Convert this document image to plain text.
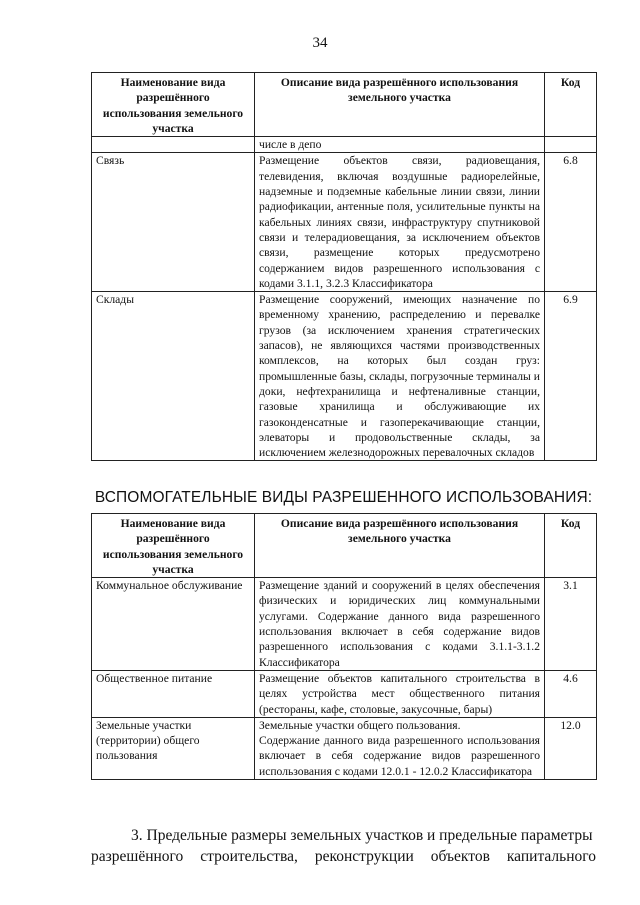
34
Наименование вида разрешённого использования земельного участка	Описание вида разрешённого использования земельного участка	Код
	числе в депо	
Связь	Размещение объектов связи, радиовещания, телевидения, включая воздушные радиорелейные, надземные и подземные кабельные линии связи, линии радиофикации, антенные поля, усилительные пункты на кабельных линиях связи, инфраструктуру спутниковой связи и телерадиовещания, за исключением объектов связи, размещение которых предусмотрено содержанием видов разрешенного использования с кодами 3.1.1, 3.2.3 Классификатора	6.8
Склады	Размещение сооружений, имеющих назначение по временному хранению, распределению и перевалке грузов (за исключением хранения стратегических запасов), не являющихся частями производственных комплексов, на которых был создан груз: промышленные базы, склады, погрузочные терминалы и доки, нефтехранилища и нефтеналивные станции, газовые хранилища и обслуживающие их газоконденсатные и газоперекачивающие станции, элеваторы и продовольственные склады, за исключением железнодорожных перевалочных складов	6.9
ВСПОМОГАТЕЛЬНЫЕ ВИДЫ РАЗРЕШЕННОГО ИСПОЛЬЗОВАНИЯ:
Наименование вида разрешённого использования земельного участка	Описание вида разрешённого использования земельного участка	Код
Коммунальное обслуживание	Размещение зданий и сооружений в целях обеспечения физических и юридических лиц коммунальными услугами. Содержание данного вида разрешенного использования включает в себя содержание видов разрешенного использования с кодами 3.1.1-3.1.2 Классификатора	3.1
Общественное питание	Размещение объектов капитального строительства в целях устройства мест общественного питания (рестораны, кафе, столовые, закусочные, бары)	4.6
Земельные участки (территории) общего пользования	Земельные участки общего пользования.
Содержание данного вида разрешенного использования включает в себя содержание видов разрешенного использования с кодами 12.0.1 - 12.0.2 Классификатора	12.0
3. Предельные размеры земельных участков и предельные параметры
разрешённого строительства, реконструкции объектов капитального
